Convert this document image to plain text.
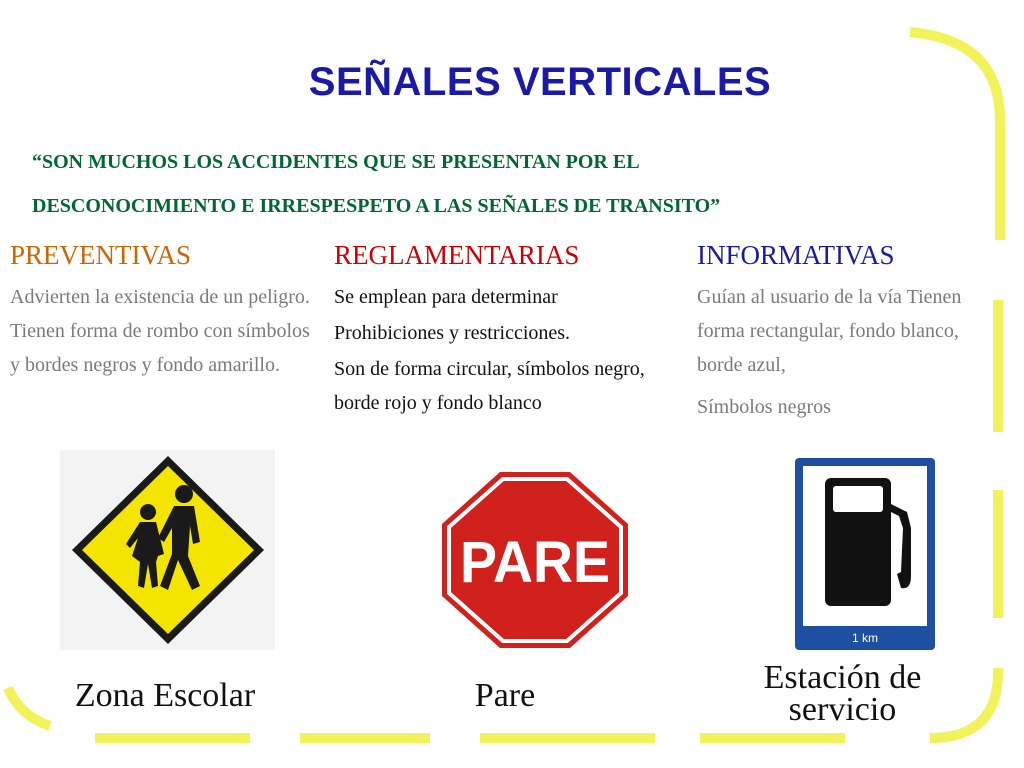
SEÑALES VERTICALES
“SON MUCHOS LOS ACCIDENTES QUE SE PRESENTAN POR EL
DESCONOCIMIENTO E IRRESPESPETO A LAS SEÑALES DE TRANSITO”
PREVENTIVAS

Advierten la existencia de un peligro. Tienen forma de rombo con símbolos y bordes negros y fondo amarillo.

REGLAMENTARIAS

Se emplean para determinar

Prohibiciones y restricciones.

Son de forma circular, símbolos negro, borde rojo y fondo blanco

INFORMATIVAS

Guían al usuario de la vía Tienen forma rectangular, fondo blanco, borde azul,

Símbolos negros

PARE
1 km
Zona Escolar	Pare	Estación de
servicio
